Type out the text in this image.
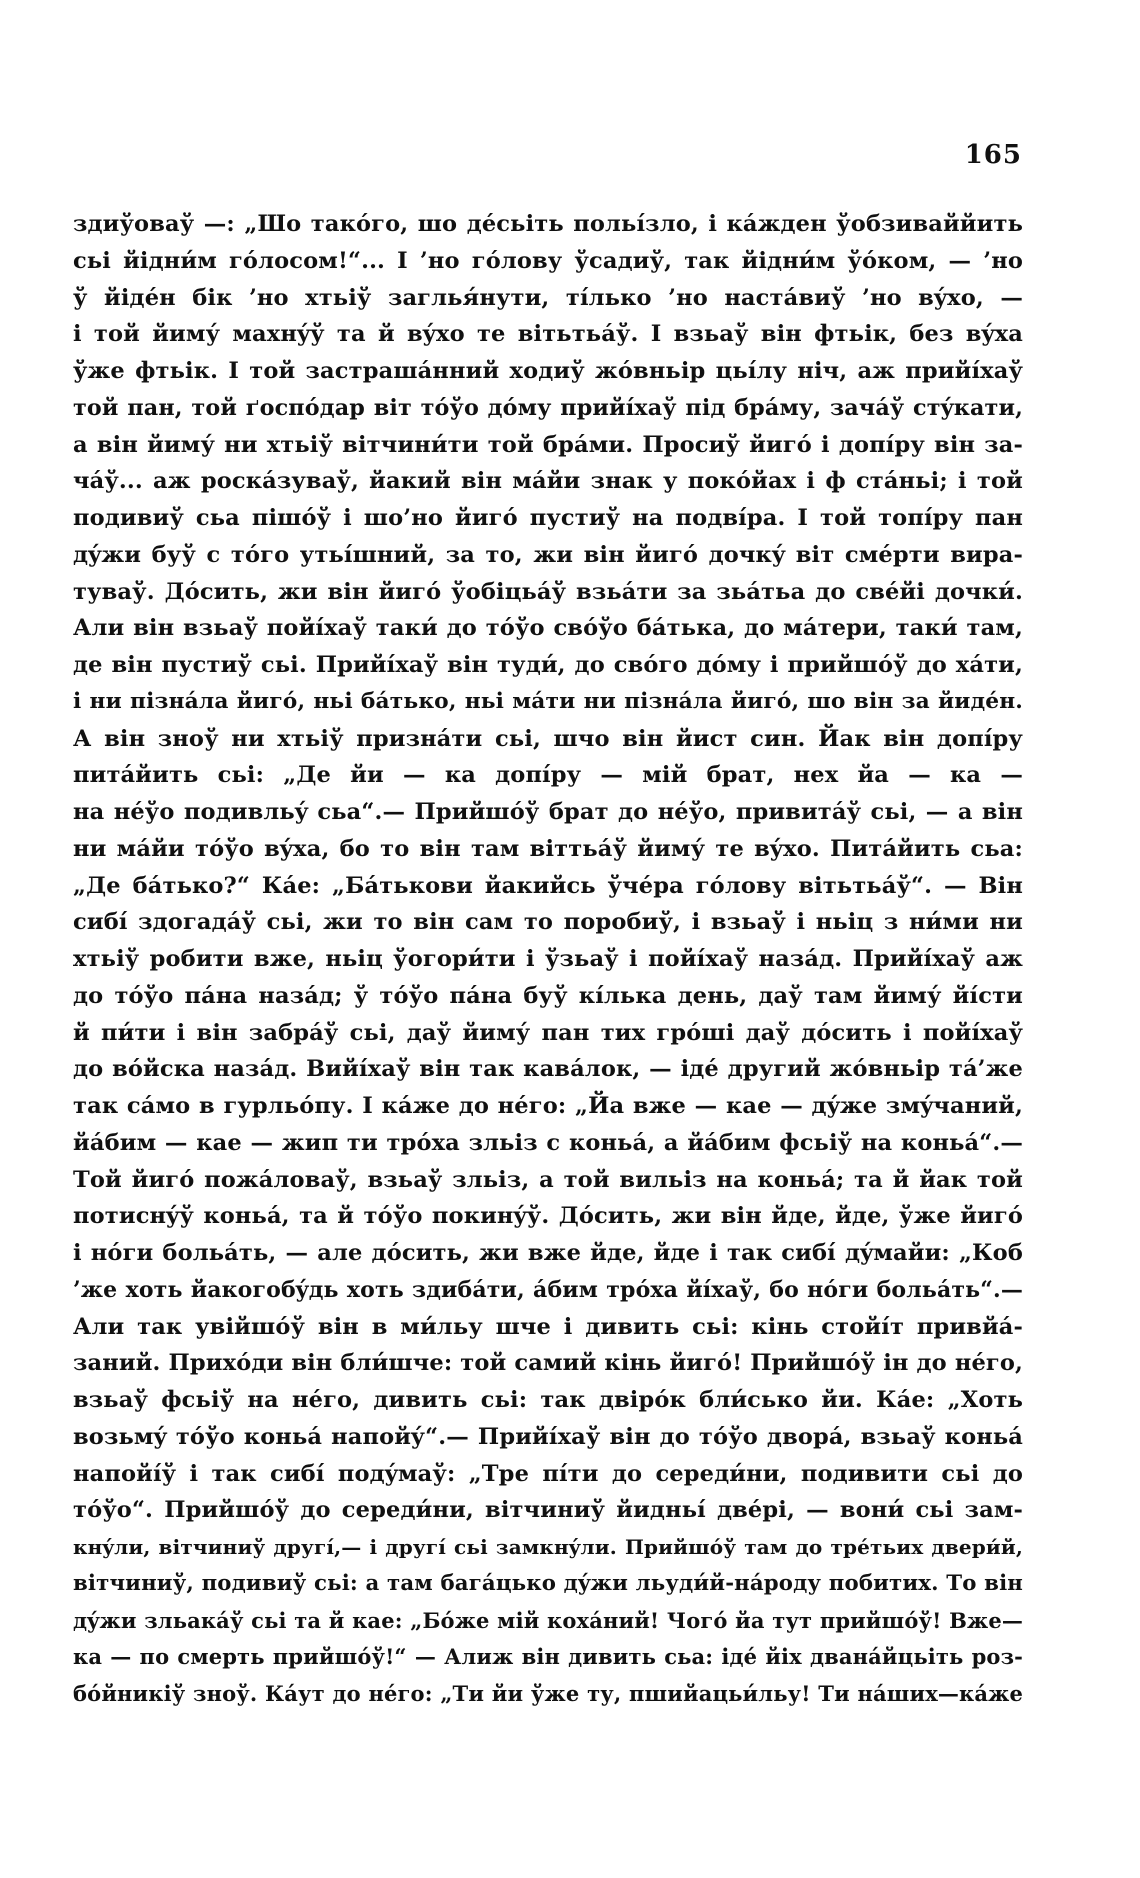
165

здиўоваў —: „Шо такóго, шо дéсьіть польíзло, і кáжден ўобзиваййить
сьі йідни́м гóлосом!“... І ’но гóлову ўсадиў, так йідни́м ўóком, — ’но
ў йідéн бік ’но хтьіў заглья́нути, тíлько ’но настáвиў ’но вýхо, —
і той йиму́ махнýў та й вýхо те вітьтьáў. І взьаў він фтьік, без вýха
ўже фтьік. І той застрашáнний ходиў жóвньір цьíлу ніч, аж прийíхаў
той пан, той ґоспóдар віт тóўо дóму прийíхаў під брáму, зачáў стýкати,
а він йиму́ ни хтьіў вітчини́ти той брáми. Просиў йигó і допíру він за-
чáў... аж роскáзуваў, йакий він мáйи знак у покóйах і ф стáньі; і той
подивиў сьа пішóў і шо’но йигó пустиў на подвíра. І той топíру пан
дýжи буў с тóго утьíшний, за то, жи він йигó дочкý віт смéрти вира-
туваў. Дóсить, жи він йигó ўобіцьáў взьáти за зьáтьа до свéйі дочки́.
Али він взьаў пойíхаў таки́ до тóўо свóўо бáтька, до мáтери, таки́ там,
де він пустиў сьі. Прийíхаў він туди́, до свóго дóму і прийшóў до хáти,
і ни пізнáла йигó, ньі бáтько, ньі мáти ни пізнáла йигó, шо він за йидéн.
А він зноў ни хтьіў признáти сьі, шчо він йист син. Йак він допíру
питáйить сьі: „Де йи — ка допíру — мій брат, нех йа — ка —
на нéўо подивльý сьа“.— Прийшóў брат до нéўо, привитáў сьі, — а він
ни мáйи тóўо вýха, бо то він там віттьáў йиму́ те вýхо. Питáйить сьа:
„Де бáтько?“ Кáе: „Бáтькови йакийсь ўчéра гóлову вітьтьáў“. — Він
сибí здогадáў сьі, жи то він сам то поробиў, і взьаў і ньіц з ни́ми ни
хтьіў робити вже, ньіц ўогори́ти і ўзьаў і пойíхаў назáд. Прийíхаў аж
до тóўо пáна назáд; ў тóўо пáна буў кíлька день, даў там йиму́ йíсти
й пи́ти і він забрáў сьі, даў йиму́ пан тих грóші даў дóсить і пойíхаў
до вóйска назáд. Вийíхаў він так кавáлок, — ідé другий жóвньір тá’же
так сáмо в гурльóпу. І кáже до нéго: „Йа вже — кае — дýже змýчаний,
йáбим — кае — жип ти трóха зльіз с коньá, а йáбим фсьіў на коньá“.—
Той йигó пожáловаў, взьаў зльіз, а той вильіз на коньá; та й йак той
потиснýў коньá, та й тóўо покинýў. Дóсить, жи він йде, йде, ўже йигó
і нóги больáть, — але дóсить, жи вже йде, йде і так сибí дýмайи: „Коб
’же хоть йакогобýдь хоть здибáти, áбим трóха йíхаў, бо нóги больáть“.—
Али так увійшóў він в ми́льу шче і дивить сьі: кінь стойíт привйá-
заний. Прихóди він бли́шче: той самий кінь йигó! Прийшóў ін до нéго,
взьаў фсьіў на нéго, дивить сьі: так двірóк бли́сько йи. Кáе: „Хоть
возьмý тóўо коньá напойý“.— Прийíхаў він до тóўо дворá, взьаў коньá
напойíў і так сибí подýмаў: „Тре пíти до середи́ни, подивити сьі до
тóўо“. Прийшóў до середи́ни, вітчиниў йидньí двéрі, — вони́ сьі зам-
кнýли, вітчиниў другí,— і другí сьі замкнýли. Прийшóў там до трéтьих двери́й,
вітчиниў, подивиў сьі: а там багáцько дýжи льуди́й-нáроду побитих. То він
дýжи зльакáў сьі та й кае: „Бóже мій кохáний! Чогó йа тут прийшóў! Вже—
ка — по смерть прийшóў!“ — Алиж він дивить сьа: ідé йіх дванáйцьіть роз-
бóйникіў зноў. Кáут до нéго: „Ти йи ўже ту, пшийацьи́льу! Ти нáших—кáже
